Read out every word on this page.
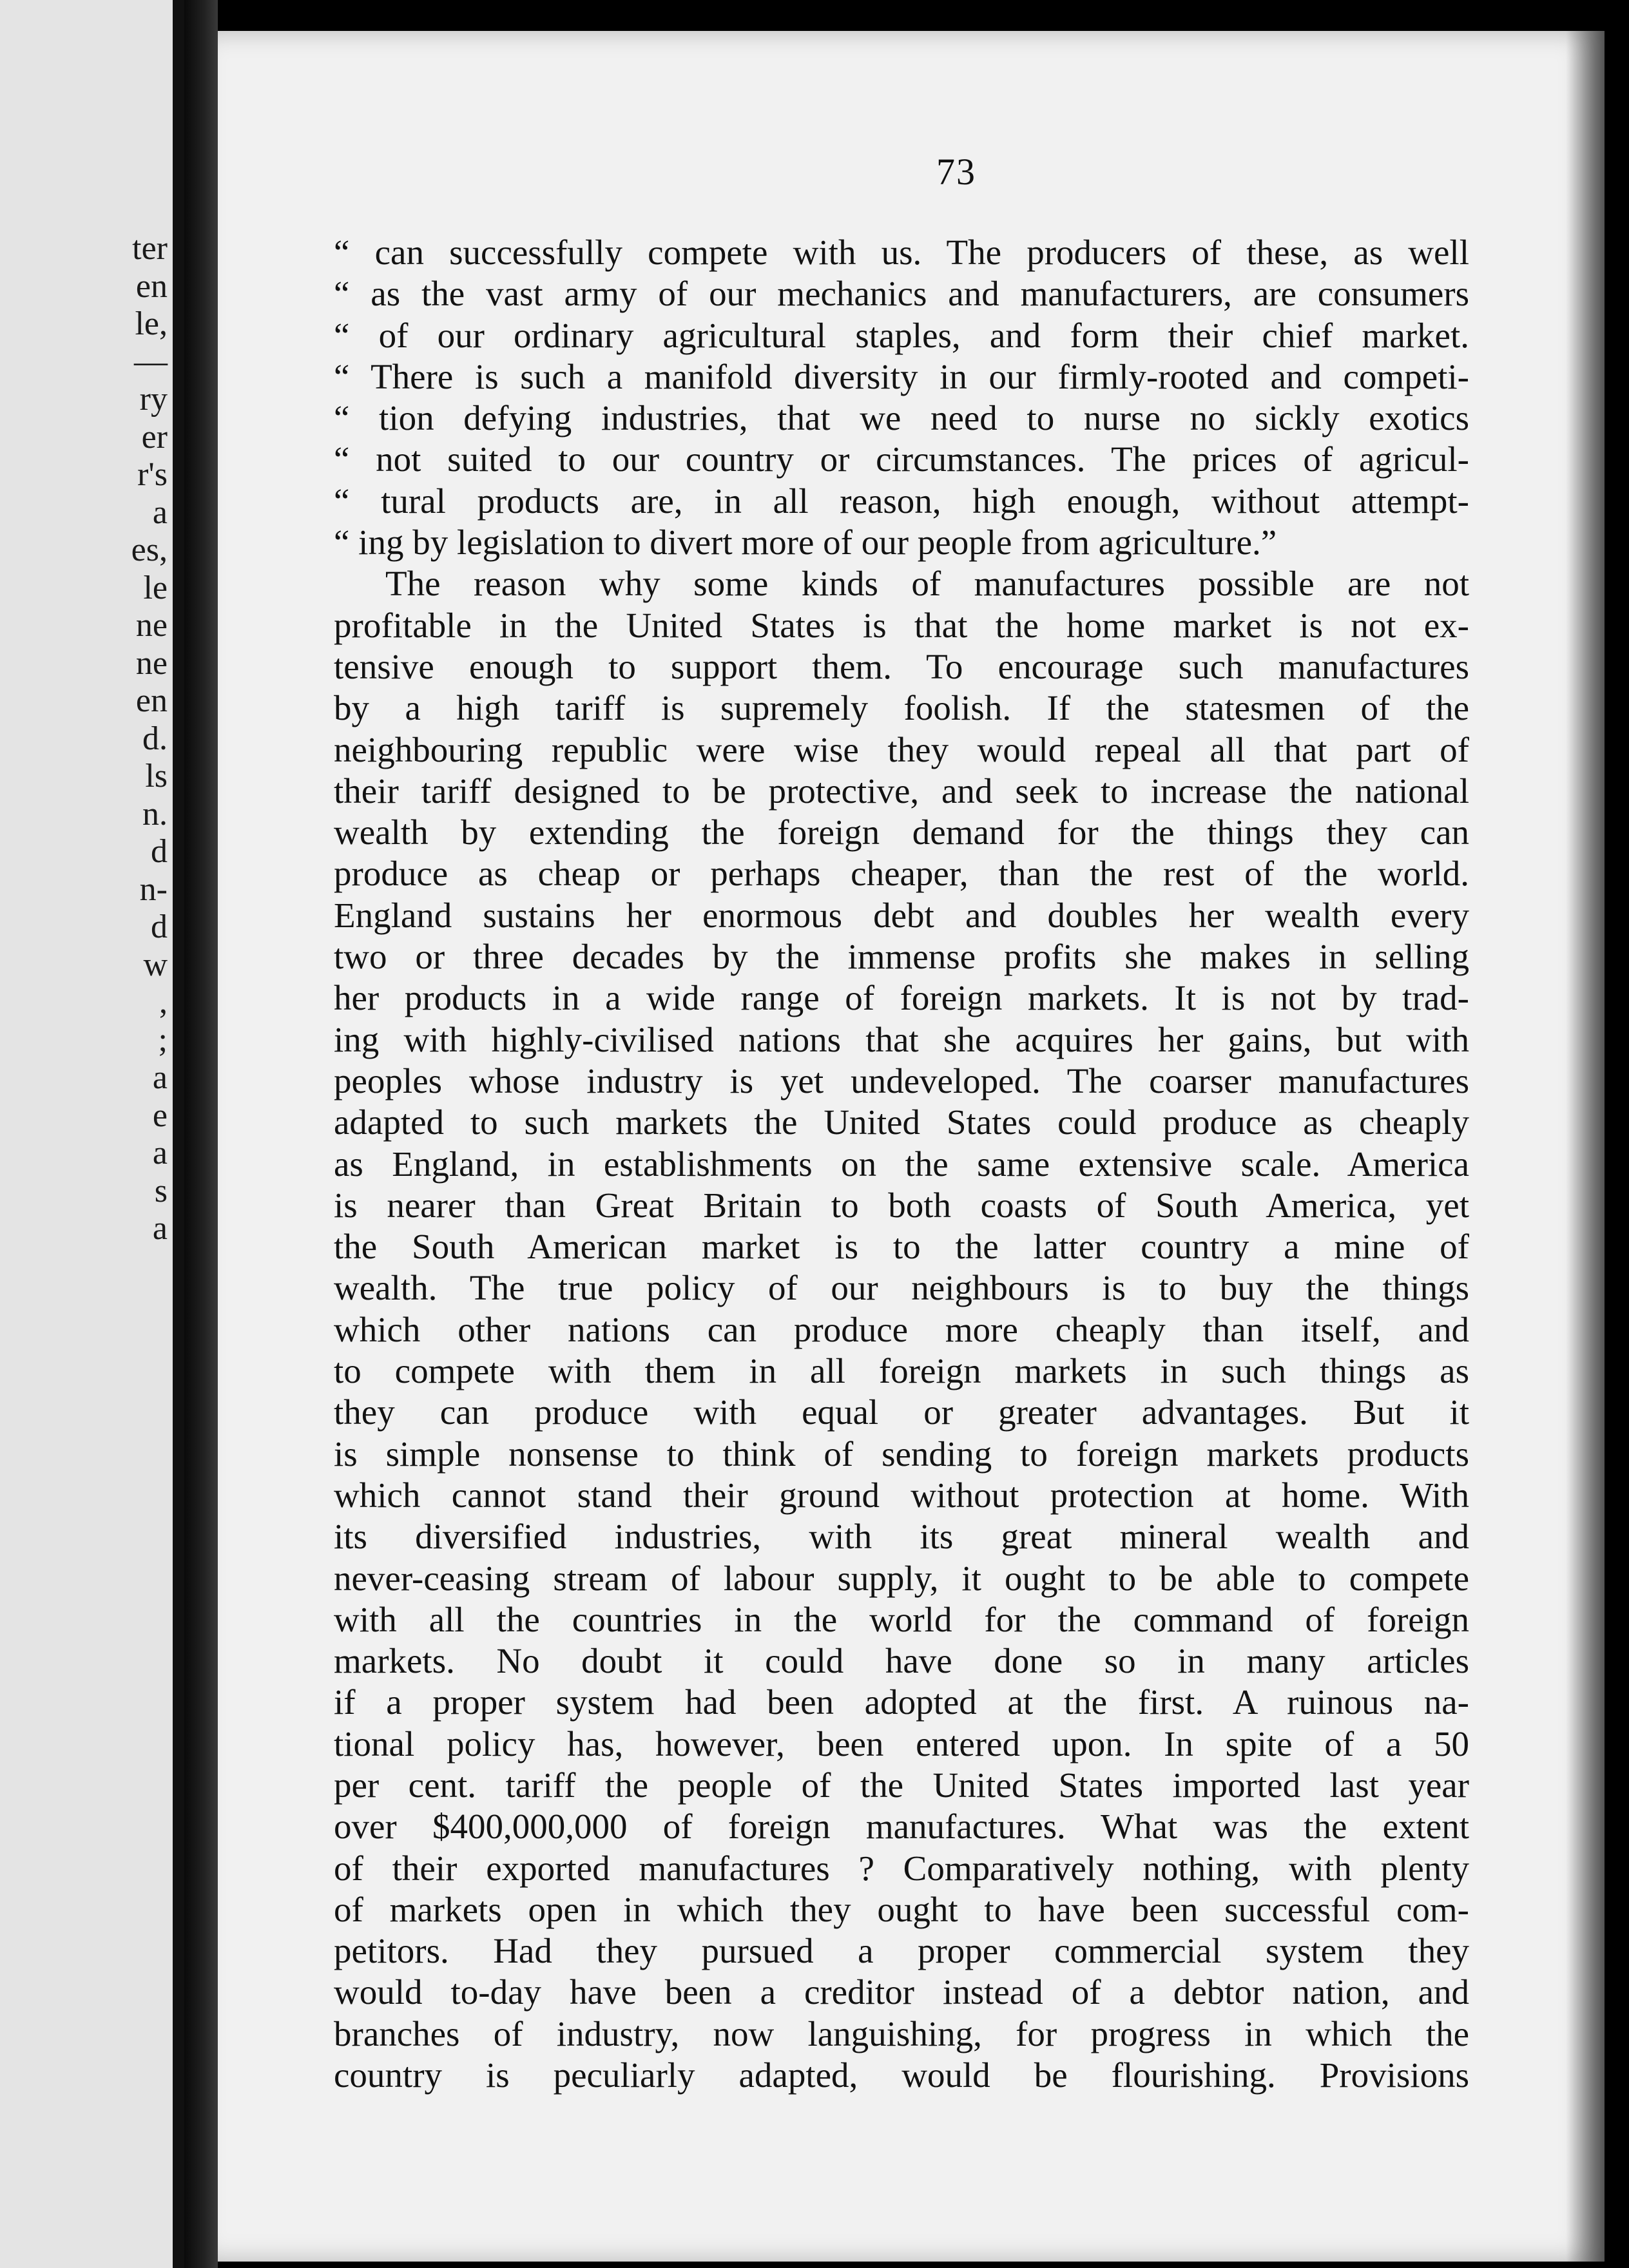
ter
en
le,
—
ry
er
r's
a
es,
le
ne
ne
en
d.
ls
n.
d
n-
d
w
,
;
a
e
a
s
a
73
“ can successfully compete with us. The producers of these, as well
“ as the vast army of our mechanics and manufacturers, are consumers
“ of our ordinary agricultural staples, and form their chief market.
“ There is such a manifold diversity in our firmly-rooted and competi-
“ tion defying industries, that we need to nurse no sickly exotics
“ not suited to our country or circumstances. The prices of agricul-
“ tural products are, in all reason, high enough, without attempt-
“ ing by legislation to divert more of our people from agriculture.”
The reason why some kinds of manufactures possible are not
profitable in the United States is that the home market is not ex-
tensive enough to support them. To encourage such manufactures
by a high tariff is supremely foolish. If the statesmen of the
neighbouring republic were wise they would repeal all that part of
their tariff designed to be protective, and seek to increase the national
wealth by extending the foreign demand for the things they can
produce as cheap or perhaps cheaper, than the rest of the world.
England sustains her enormous debt and doubles her wealth every
two or three decades by the immense profits she makes in selling
her products in a wide range of foreign markets. It is not by trad-
ing with highly-civilised nations that she acquires her gains, but with
peoples whose industry is yet undeveloped. The coarser manufactures
adapted to such markets the United States could produce as cheaply
as England, in establishments on the same extensive scale. America
is nearer than Great Britain to both coasts of South America, yet
the South American market is to the latter country a mine of
wealth. The true policy of our neighbours is to buy the things
which other nations can produce more cheaply than itself, and
to compete with them in all foreign markets in such things as
they can produce with equal or greater advantages. But it
is simple nonsense to think of sending to foreign markets products
which cannot stand their ground without protection at home. With
its diversified industries, with its great mineral wealth and
never-ceasing stream of labour supply, it ought to be able to compete
with all the countries in the world for the command of foreign
markets. No doubt it could have done so in many articles
if a proper system had been adopted at the first. A ruinous na-
tional policy has, however, been entered upon. In spite of a 50
per cent. tariff the people of the United States imported last year
over $400,000,000 of foreign manufactures. What was the extent
of their exported manufactures ? Comparatively nothing, with plenty
of markets open in which they ought to have been successful com-
petitors. Had they pursued a proper commercial system they
would to-day have been a creditor instead of a debtor nation, and
branches of industry, now languishing, for progress in which the
country is peculiarly adapted, would be flourishing. Provisions
